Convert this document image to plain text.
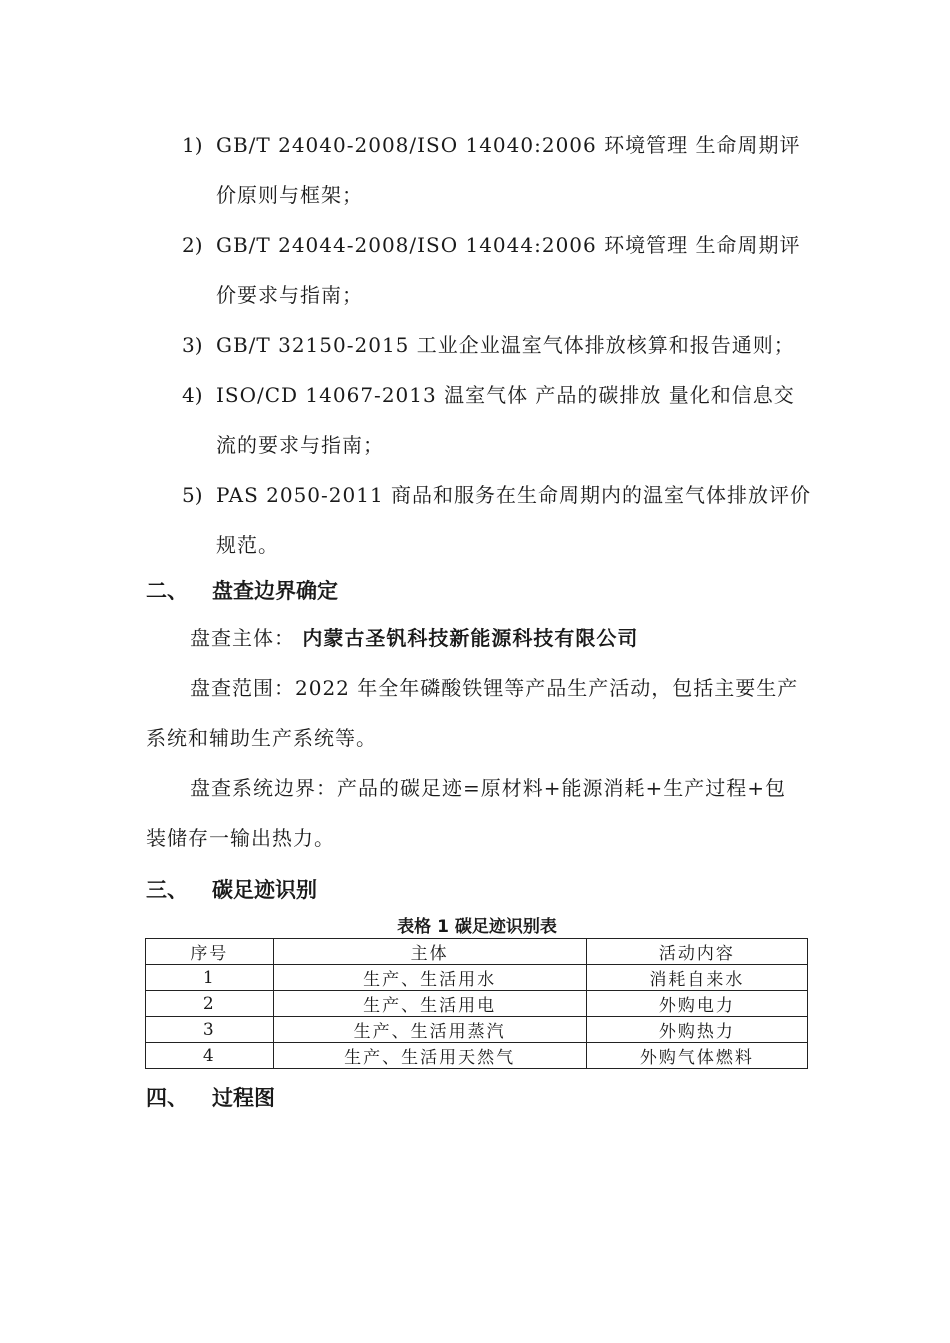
1) GB/T 24040-2008/ISO 14040:2006 环境管理 生命周期评价原则与框架；
2) GB/T 24044-2008/ISO 14044:2006 环境管理 生命周期评价要求与指南；
3) GB/T 32150-2015 工业企业温室气体排放核算和报告通则；
4) ISO/CD 14067-2013 温室气体 产品的碳排放 量化和信息交流的要求与指南；
5) PAS 2050-2011 商品和服务在生命周期内的温室气体排放评价规范。
二、 盘查边界确定
盘查主体： 内蒙古圣钒科技新能源科技有限公司
盘查范围：2022 年全年磷酸铁锂等产品生产活动，包括主要生产系统和辅助生产系统等。
盘查系统边界：产品的碳足迹=原材料+能源消耗+生产过程+包装储存一输出热力。
三、 碳足迹识别
表格 1 碳足迹识别表
序号	主体	活动内容
1	生产、生活用水	消耗自来水
2	生产、生活用电	外购电力
3	生产、生活用蒸汽	外购热力
4	生产、生活用天然气	外购气体燃料
四、 过程图
